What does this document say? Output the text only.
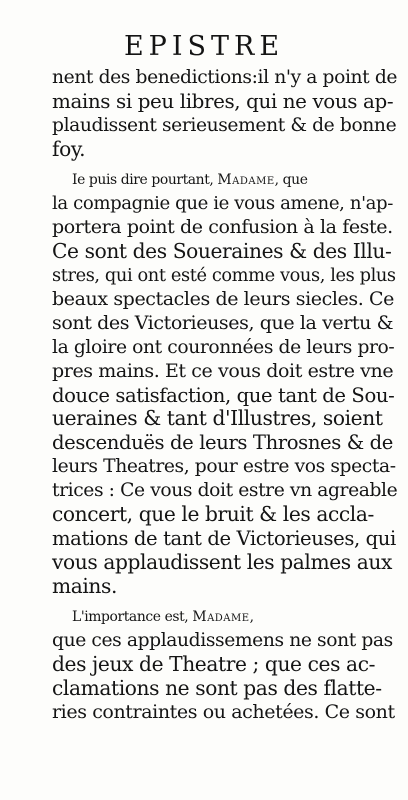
EPISTRE
nent des benedictions:il n'y a point de
mains si peu libres, qui ne vous ap-
plaudissent serieusement & de bonne
foy.
Ie puis dire pourtant, Madame, que
la compagnie que ie vous amene, n'ap-
portera point de confusion à la feste.
Ce sont des Soueraines & des Illu-
stres, qui ont esté comme vous, les plus
beaux spectacles de leurs siecles. Ce
sont des Victorieuses, que la vertu &
la gloire ont couronnées de leurs pro-
pres mains. Et ce vous doit estre vne
douce satisfaction, que tant de Sou-
ueraines & tant d'Illustres, soient
descenduës de leurs Throsnes & de
leurs Theatres, pour estre vos specta-
trices : Ce vous doit estre vn agreable
concert, que le bruit & les accla-
mations de tant de Victorieuses, qui
vous applaudissent les palmes aux
mains.
L'importance est, Madame,
que ces applaudissemens ne sont pas
des jeux de Theatre ; que ces ac-
clamations ne sont pas des flatte-
ries contraintes ou achetées. Ce sont
